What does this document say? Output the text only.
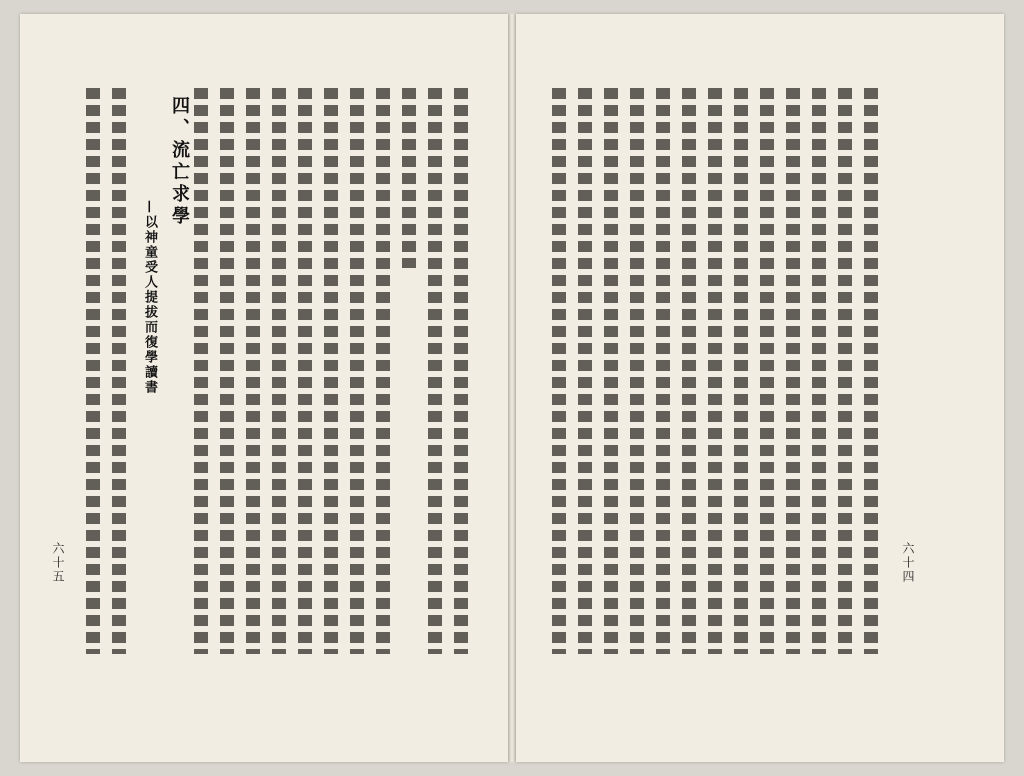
六十五
四、流亡求學
—以神童受人提拔而復學讀書
六十四
